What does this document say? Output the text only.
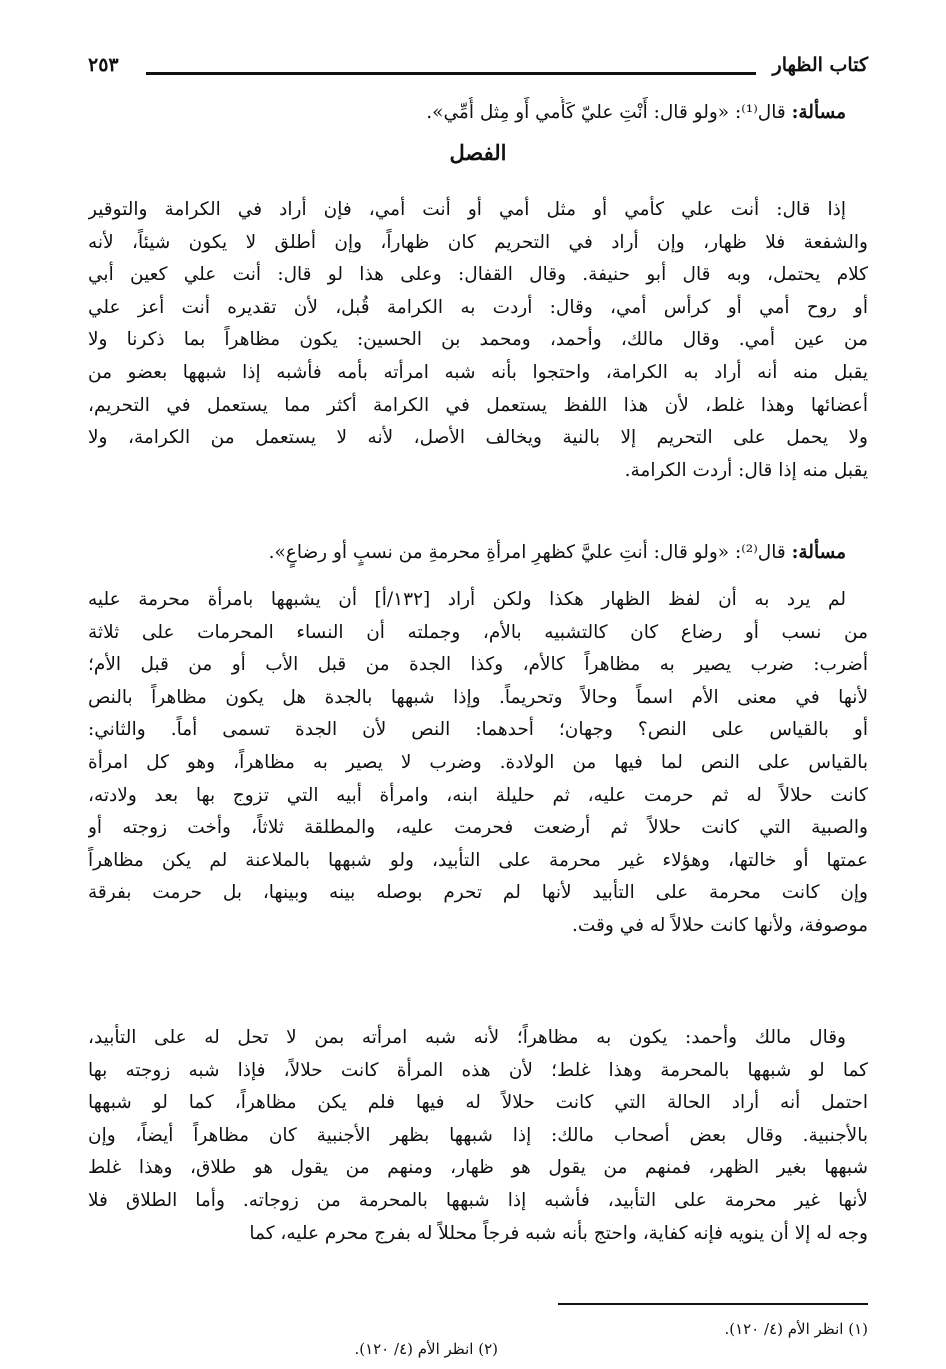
كتاب الظهار
٢٥٣
مسألة: قال⁽¹⁾: «ولو قال: أَنْتِ عليّ كَأُمي أَو مِثل أُمِّي».
الفصل
إذا قال: أنت علي كأمي أو مثل أمي أو أنت أمي، فإن أراد في الكرامة والتوقير
والشفعة فلا ظهار، وإن أراد في التحريم كان ظهاراً، وإن أطلق لا يكون شيئاً، لأنه
كلام يحتمل، وبه قال أبو حنيفة. وقال القفال: وعلى هذا لو قال: أنت علي كعين أبي
أو روح أمي أو كرأس أمي، وقال: أردت به الكرامة قُبل، لأن تقديره أنت أعز علي
من عين أمي. وقال مالك، وأحمد، ومحمد بن الحسين: يكون مظاهراً بما ذكرنا ولا
يقبل منه أنه أراد به الكرامة، واحتجوا بأنه شبه امرأته بأمه فأشبه إذا شبهها بعضو من
أعضائها وهذا غلط، لأن هذا اللفظ يستعمل في الكرامة أكثر مما يستعمل في التحريم،
ولا يحمل على التحريم إلا بالنية ويخالف الأصل، لأنه لا يستعمل من الكرامة، ولا
يقبل منه إذا قال: أردت الكرامة.
مسألة: قال⁽²⁾: «ولو قال: أنتِ عليَّ كظهرِ امرأةِ محرمةِ من نسبٍ أو رضاعٍ».
لم يرد به أن لفظ الظهار هكذا ولكن أراد [١٣٢/أ] أن يشبهها بامرأة محرمة عليه
من نسب أو رضاع كان كالتشبيه بالأم، وجملته أن النساء المحرمات على ثلاثة
أضرب: ضرب يصير به مظاهراً كالأم، وكذا الجدة من قبل الأب أو من قبل الأم؛
لأنها في معنى الأم اسماً وحالاً وتحريماً. وإذا شبهها بالجدة هل يكون مظاهراً بالنص
أو بالقياس على النص؟ وجهان؛ أحدهما: النص لأن الجدة تسمى أماً. والثاني:
بالقياس على النص لما فيها من الولادة. وضرب لا يصير به مظاهراً، وهو كل امرأة
كانت حلالاً له ثم حرمت عليه، ثم حليلة ابنه، وامرأة أبيه التي تزوج بها بعد ولادته،
والصبية التي كانت حلالاً ثم أرضعت فحرمت عليه، والمطلقة ثلاثاً، وأخت زوجته أو
عمتها أو خالتها، وهؤلاء غير محرمة على التأبيد، ولو شبهها بالملاعنة لم يكن مظاهراً
وإن كانت محرمة على التأبيد لأنها لم تحرم بوصله بينه وبينها، بل حرمت بفرقة
موصوفة، ولأنها كانت حلالاً له في وقت.
وقال مالك وأحمد: يكون به مظاهراً؛ لأنه شبه امرأته بمن لا تحل له على التأبيد،
كما لو شبهها بالمحرمة وهذا غلط؛ لأن هذه المرأة كانت حلالاً، فإذا شبه زوجته بها
احتمل أنه أراد الحالة التي كانت حلالاً له فيها فلم يكن مظاهراً، كما لو شبهها
بالأجنبية. وقال بعض أصحاب مالك: إذا شبهها بظهر الأجنبية كان مظاهراً أيضاً، وإن
شبهها بغير الظهر، فمنهم من يقول هو ظهار، ومنهم من يقول هو طلاق، وهذا غلط
لأنها غير محرمة على التأبيد، فأشبه إذا شبهها بالمحرمة من زوجاته. وأما الطلاق فلا
وجه له إلا أن ينويه فإنه كفاية، واحتج بأنه شبه فرجاً محللاً له بفرج محرم عليه، كما
(١) انظر الأم (٤/ ١٢٠).
(٢) انظر الأم (٤/ ١٢٠).
